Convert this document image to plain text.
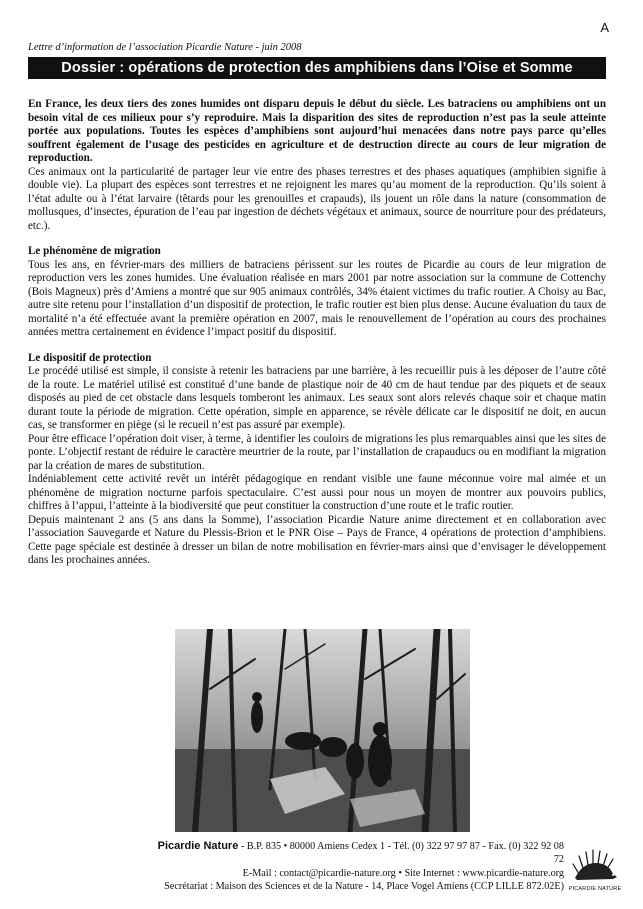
A
Lettre d’information de l’association Picardie Nature - juin 2008
Dossier : opérations de protection des amphibiens dans l’Oise et Somme

En France, les deux tiers des zones humides ont disparu depuis le début du siècle. Les batraciens ou amphibiens ont un besoin vital de ces milieux pour s’y reproduire. Mais la disparition des sites de reproduction n’est pas la seule atteinte portée aux populations. Toutes les espèces d’amphibiens sont aujourd’hui menacées dans notre pays parce qu’elles souffrent également de l’usage des pesticides en agriculture et de destruction directe au cours de leur migration de reproduction.

Ces animaux ont la particularité de partager leur vie entre des phases terrestres et des phases aquatiques (amphibien signifie à double vie). La plupart des espèces sont terrestres et ne rejoignent les mares qu’au moment de la reproduction. Qu’ils soient à l’état adulte ou à l’état larvaire (têtards pour les grenouilles et crapauds), ils jouent un rôle dans la nature (consommation de mollusques, d’insectes, épuration de l’eau par ingestion de déchets végétaux et animaux, source de nourriture pour des prédateurs, etc.).

Le phénomène de migration

Tous les ans, en février-mars des milliers de batraciens périssent sur les routes de Picardie au cours de leur migration de reproduction vers les zones humides. Une évaluation réalisée en mars 2001 par notre association sur la commune de Cottenchy (Bois Magneux) près d’Amiens a montré que sur 905 animaux contrôlés, 34% étaient victimes du trafic routier. A Choisy au Bac, autre site retenu pour l’installation d’un dispositif de protection, le trafic routier est bien plus dense. Aucune évaluation du taux de mortalité n’a été effectuée avant la première opération en 2007, mais le renouvellement de l’opération au cours des prochaines années mettra certainement en évidence l’impact positif du dispositif.

Le dispositif de protection

Le procédé utilisé est simple, il consiste à retenir les batraciens par une barrière, à les recueillir puis à les déposer de l’autre côté de la route. Le matériel utilisé est constitué d’une bande de plastique noir de 40 cm de haut tendue par des piquets et de seaux disposés au pied de cet obstacle dans lesquels tomberont les animaux. Les seaux sont alors relevés chaque soir et chaque matin durant toute la période de migration. Cette opération, simple en apparence, se révèle délicate car le dispositif ne doit, en aucun cas, se transformer en piège (si le recueil n’est pas assuré par exemple).

Pour être efficace l’opération doit viser, à terme, à identifier les couloirs de migrations les plus remarquables ainsi que les sites de ponte. L’objectif restant de réduire le caractère meurtrier de la route, par l’installation de crapauducs ou en modifiant la migration par la création de mares de substitution.

Indéniablement cette activité revêt un intérêt pédagogique en rendant visible une faune méconnue voire mal aimée et un phénomène de migration nocturne parfois spectaculaire. C’est aussi pour nous un moyen de montrer aux pouvoirs publics, chiffres à l’appui, l’atteinte à la biodiversité que peut constituer la construction d’une route et le trafic routier.

Depuis maintenant 2 ans (5 ans dans la Somme), l’association Picardie Nature anime directement et en collaboration avec l’association Sauvegarde et Nature du Plessis-Brion et le PNR Oise – Pays de France, 4 opérations de protection d’amphibiens. Cette page spéciale est destinée à dresser un bilan de notre mobilisation en février-mars ainsi que d’envisager le développement dans les prochaines années.

Picardie Nature - B.P. 835 • 80000 Amiens Cedex 1 - Tél. (0) 322 97 97 87 - Fax. (0) 322 92 08 72
E-Mail : contact@picardie-nature.org • Site Internet : www.picardie-nature.org
Secrétariat : Maison des Sciences et de la Nature - 14, Place Vogel Amiens (CCP LILLE 872.02E) PICARDIE NATURE
